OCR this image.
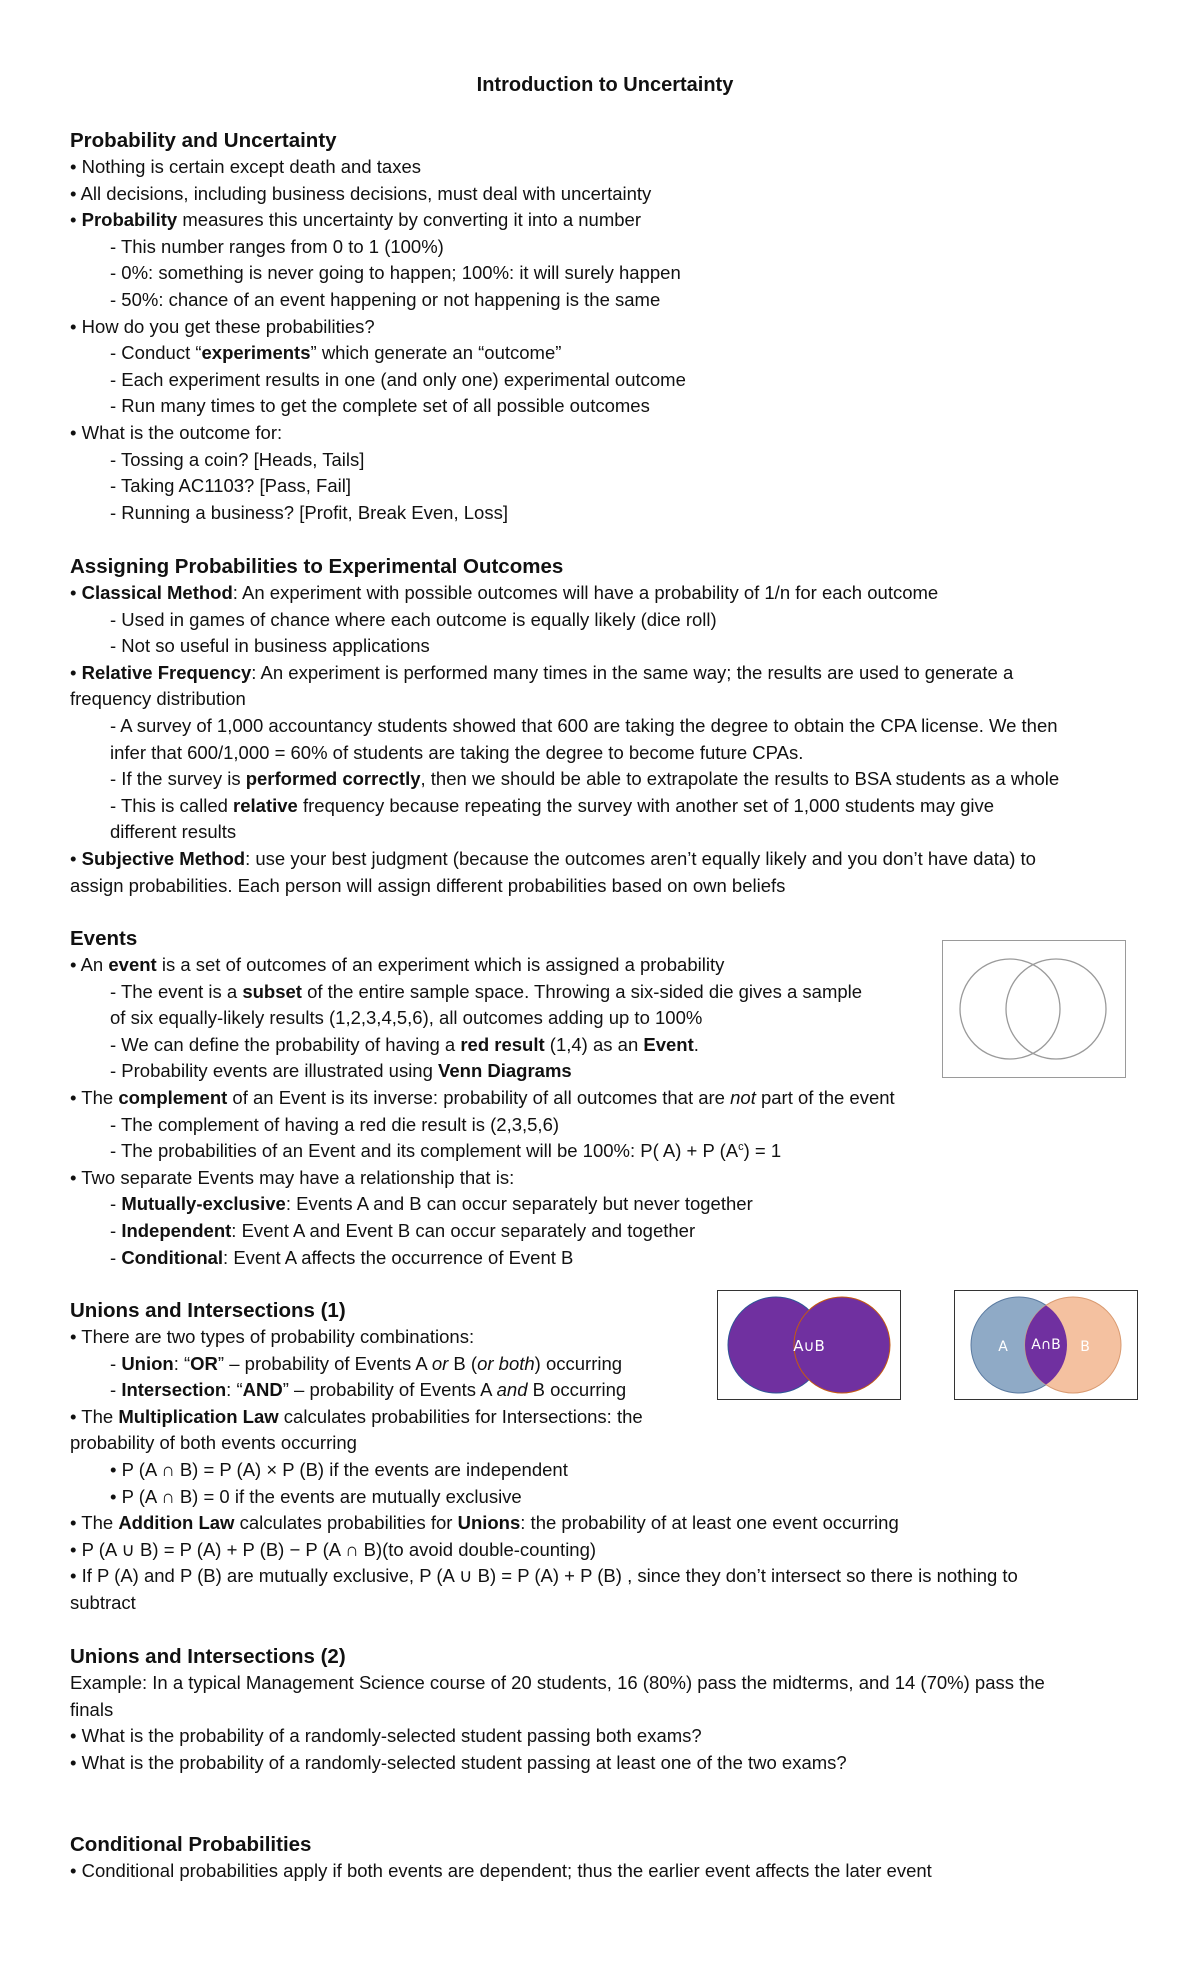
Introduction to Uncertainty

Probability and Uncertainty

• Nothing is certain except death and taxes

• All decisions, including business decisions, must deal with uncertainty

• Probability measures this uncertainty by converting it into a number

- This number ranges from 0 to 1 (100%)

- 0%: something is never going to happen; 100%: it will surely happen

- 50%: chance of an event happening or not happening is the same

• How do you get these probabilities?

- Conduct “experiments” which generate an “outcome”

- Each experiment results in one (and only one) experimental outcome

- Run many times to get the complete set of all possible outcomes

• What is the outcome for:

- Tossing a coin? [Heads, Tails]

- Taking AC1103? [Pass, Fail]

- Running a business? [Profit, Break Even, Loss]

Assigning Probabilities to Experimental Outcomes

• Classical Method: An experiment with possible outcomes will have a probability of 1/n for each outcome

- Used in games of chance where each outcome is equally likely (dice roll)

- Not so useful in business applications

• Relative Frequency: An experiment is performed many times in the same way; the results are used to generate a

frequency distribution

- A survey of 1,000 accountancy students showed that 600 are taking the degree to obtain the CPA license. We then

infer that 600/1,000 = 60% of students are taking the degree to become future CPAs.

- If the survey is performed correctly, then we should be able to extrapolate the results to BSA students as a whole

- This is called relative frequency because repeating the survey with another set of 1,000 students may give

different results

• Subjective Method: use your best judgment (because the outcomes aren’t equally likely and you don’t have data) to

assign probabilities. Each person will assign different probabilities based on own beliefs

Events

• An event is a set of outcomes of an experiment which is assigned a probability

- The event is a subset of the entire sample space. Throwing a six-sided die gives a sample

of six equally-likely results (1,2,3,4,5,6), all outcomes adding up to 100%

- We can define the probability of having a red result (1,4) as an Event.

- Probability events are illustrated using Venn Diagrams

• The complement of an Event is its inverse: probability of all outcomes that are not part of the event

- The complement of having a red die result is (2,3,5,6)

- The probabilities of an Event and its complement will be 100%: P( A) + P $(A^c) = 1$

• Two separate Events may have a relationship that is:

- Mutually-exclusive: Events A and B can occur separately but never together

- Independent: Event A and Event B can occur separately and together

- Conditional: Event A affects the occurrence of Event B

Unions and Intersections (1)

• There are two types of probability combinations:

- Union: “OR” – probability of Events A or B (or both) occurring

- Intersection: “AND” – probability of Events A and B occurring

• The Multiplication Law calculates probabilities for Intersections: the

probability of both events occurring

• P (A ∩ B) = P (A) × P (B) if the events are independent

• P (A ∩ B) = 0 if the events are mutually exclusive

• The Addition Law calculates probabilities for Unions: the probability of at least one event occurring

• P (A ∪ B) = P (A) + P (B) − P (A ∩ B)(to avoid double-counting)

• If P (A) and P (B) are mutually exclusive, P (A ∪ B) = P (A) + P (B) , since they don’t intersect so there is nothing to

subtract

Unions and Intersections (2)

Example: In a typical Management Science course of 20 students, 16 (80%) pass the midterms, and 14 (70%) pass the

finals

• What is the probability of a randomly-selected student passing both exams?

• What is the probability of a randomly-selected student passing at least one of the two exams?

Conditional Probabilities

• Conditional probabilities apply if both events are dependent; thus the earlier event affects the later event

A∪B	A A∩B B
